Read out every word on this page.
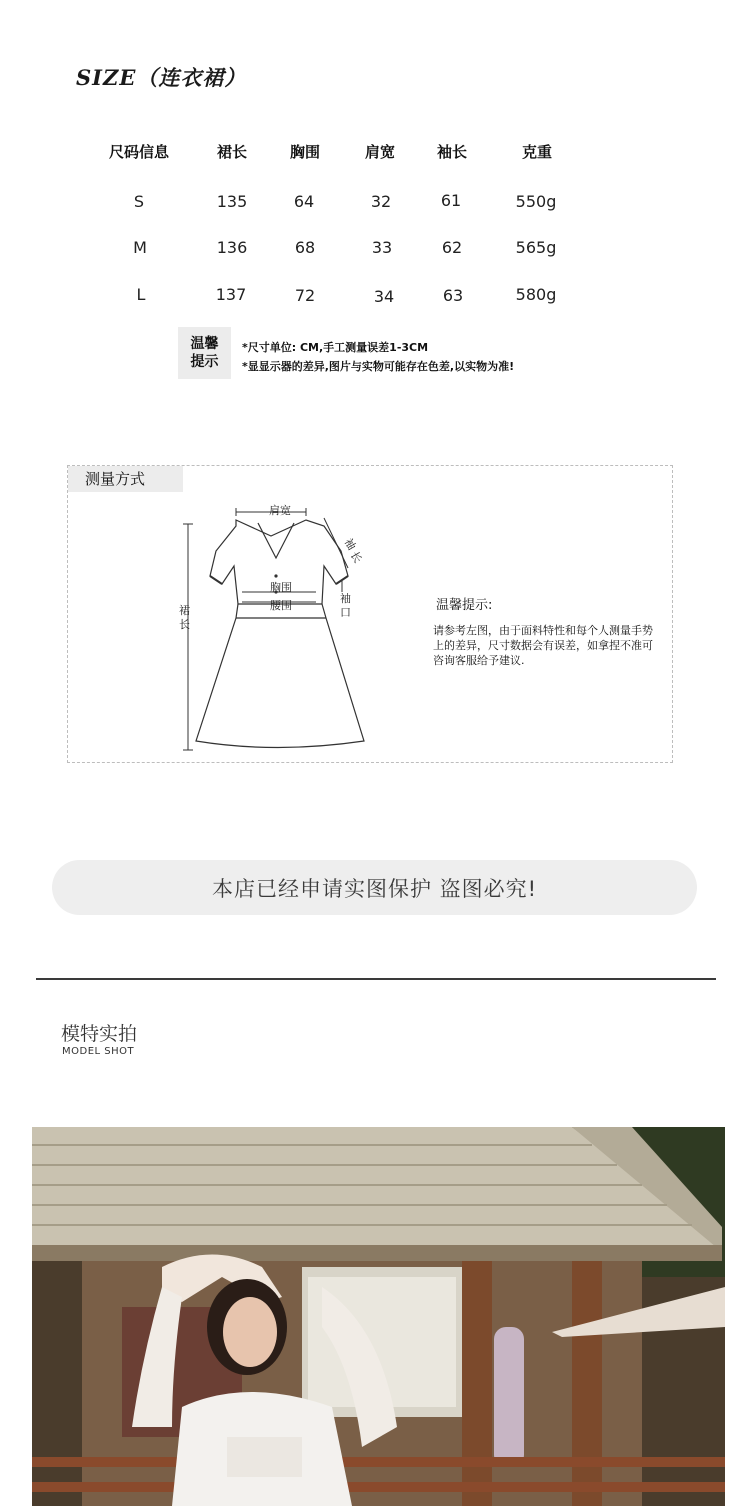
SIZE（连衣裙）
尺码信息	裙长	胸围	肩宽	袖长	克重
S	135	64	32	61	550g
M	136	68	33	62	565g
L	137	72	34	63	580g
温馨
提示
*尺寸单位: CM,手工测量误差1-3CM
*显显示器的差异,图片与实物可能存在色差,以实物为准!
测量方式
肩宽
袖
长
胸围
腰围
袖
口
裙
长
温馨提示:
请参考左图，由于面料特性和每个人测量手势上的差异，尺寸数据会有误差，如拿捏不准可咨询客服给予建议.
本店已经申请实图保护 盗图必究!
模特实拍
MODEL SHOT
